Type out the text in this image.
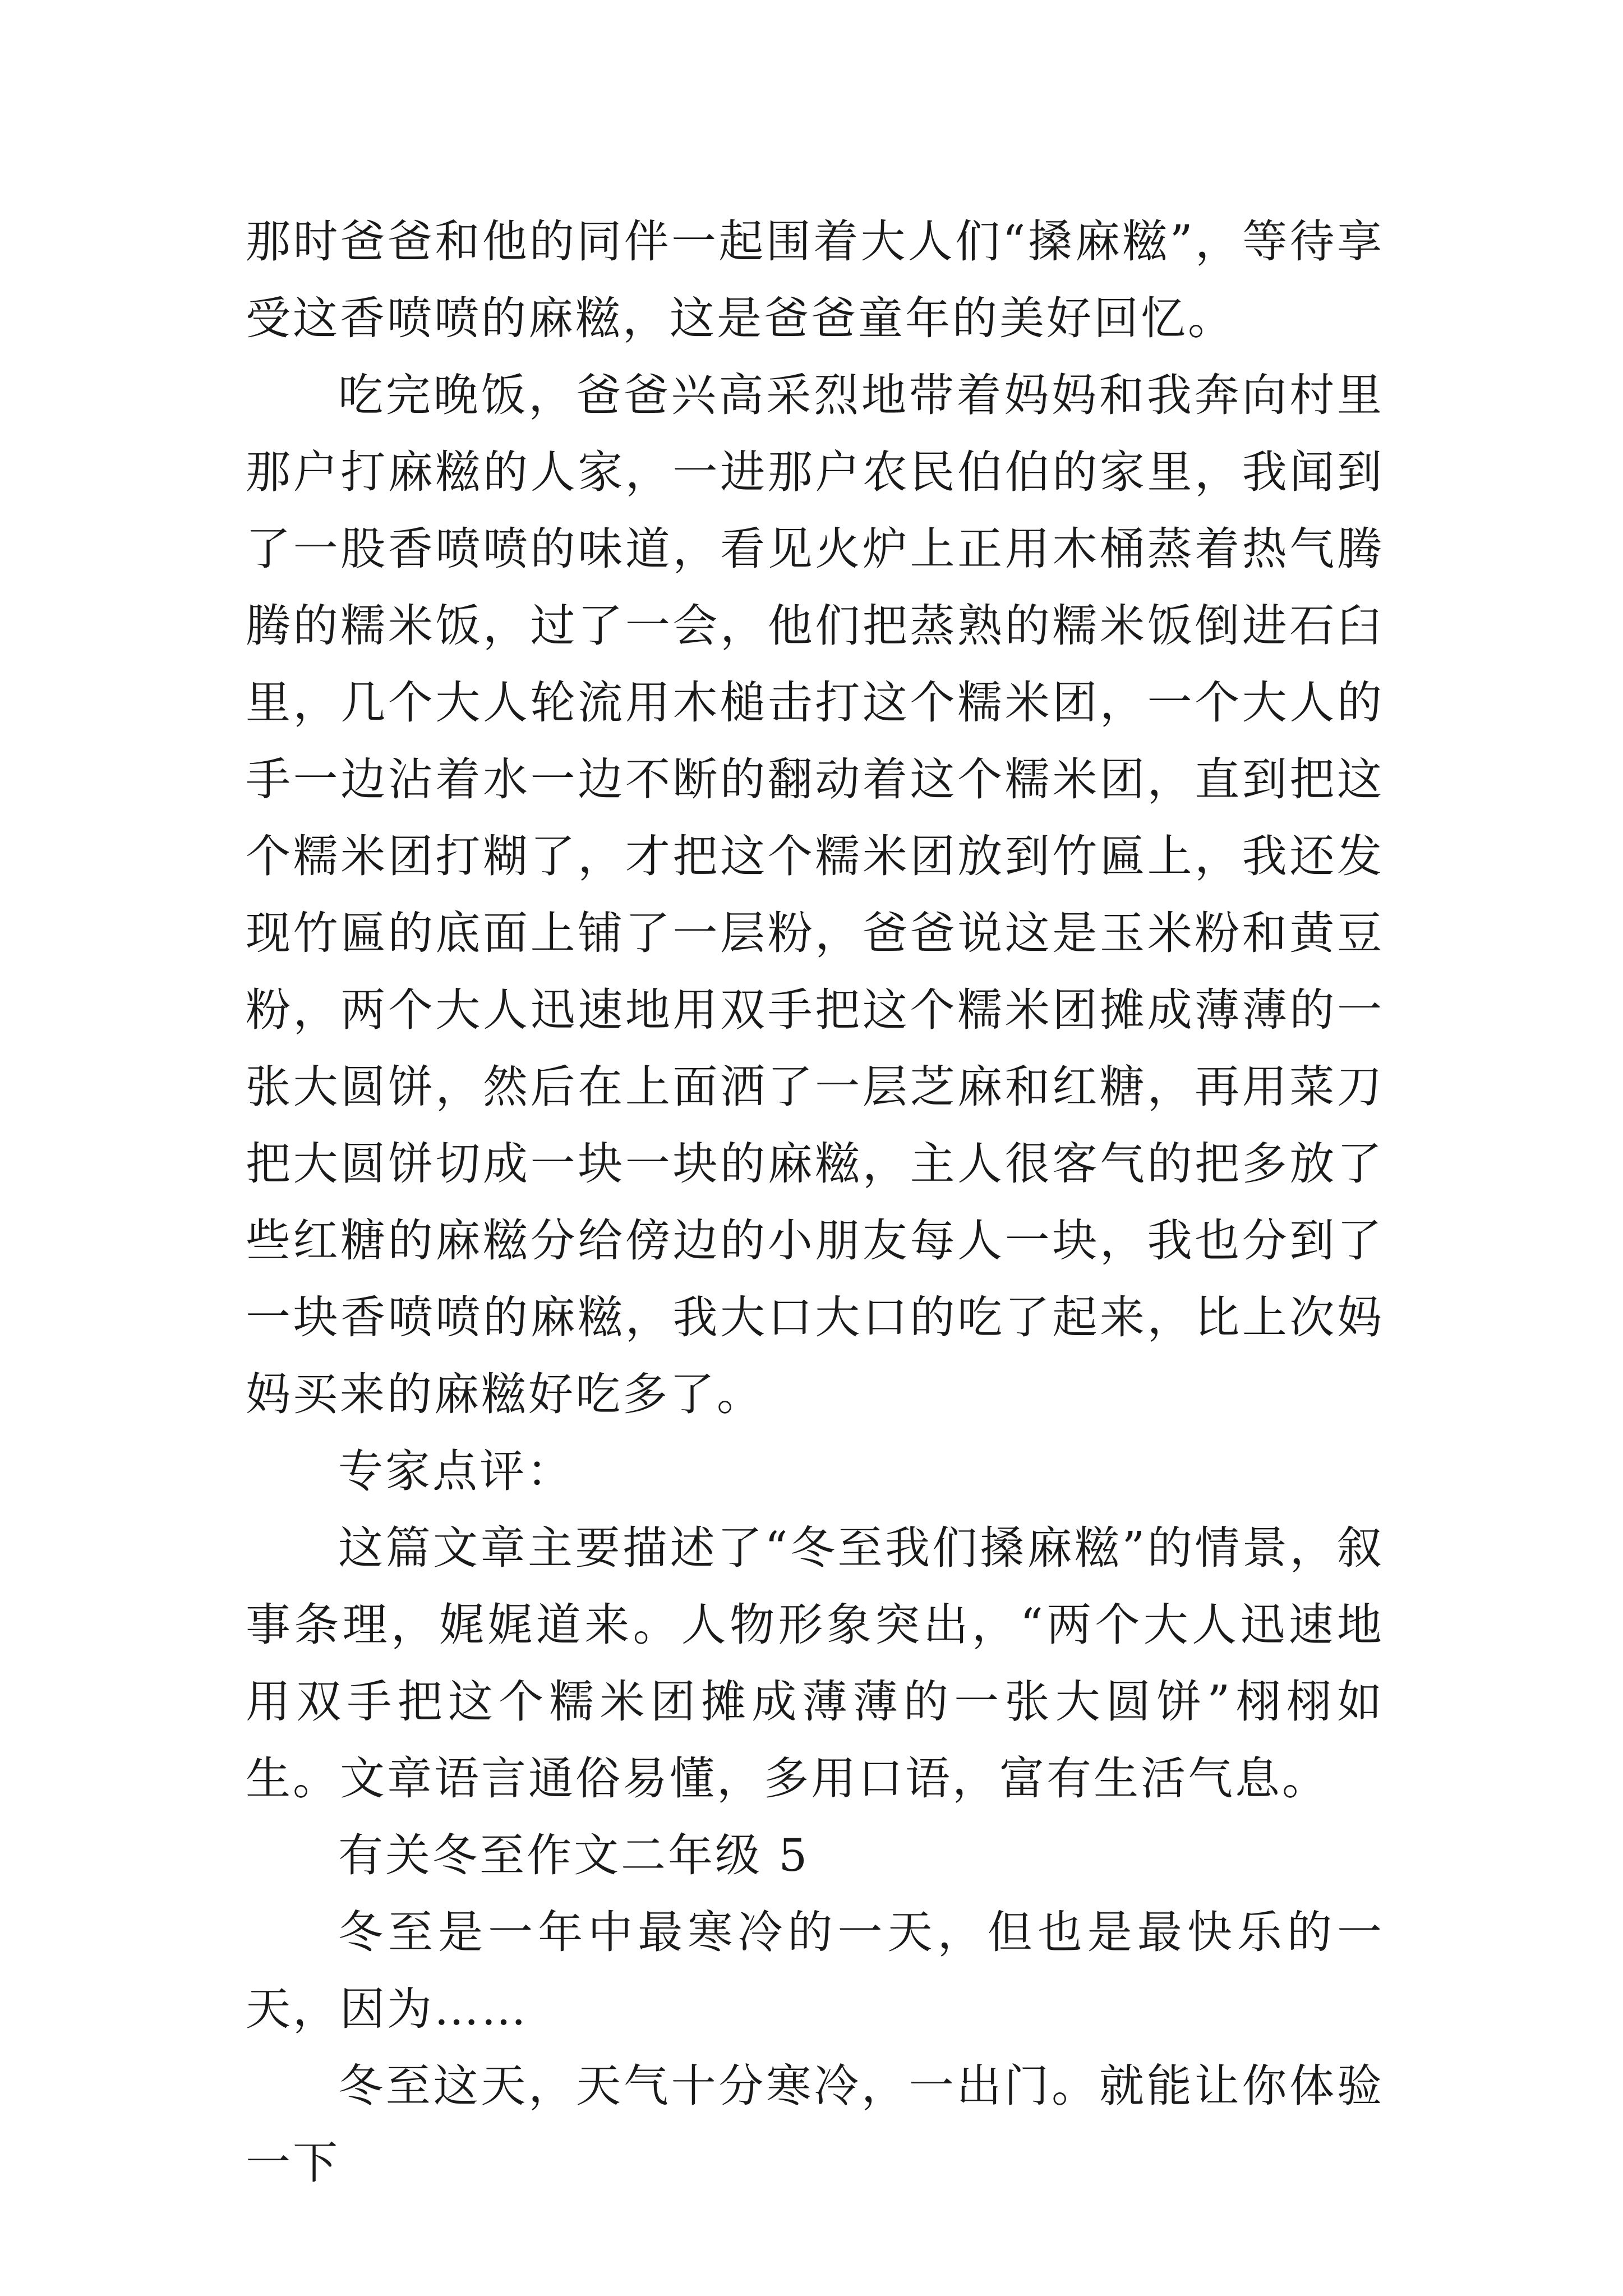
那时爸爸和他的同伴一起围着大人们“搡麻糍”，等待享受这香喷喷的麻糍，这是爸爸童年的美好回忆。

吃完晚饭，爸爸兴高采烈地带着妈妈和我奔向村里那户打麻糍的人家，一进那户农民伯伯的家里，我闻到了一股香喷喷的味道，看见火炉上正用木桶蒸着热气腾腾的糯米饭，过了一会，他们把蒸熟的糯米饭倒进石臼里，几个大人轮流用木槌击打这个糯米团，一个大人的手一边沾着水一边不断的翻动着这个糯米团，直到把这个糯米团打糊了，才把这个糯米团放到竹匾上，我还发现竹匾的底面上铺了一层粉，爸爸说这是玉米粉和黄豆粉，两个大人迅速地用双手把这个糯米团摊成薄薄的一张大圆饼，然后在上面洒了一层芝麻和红糖，再用菜刀把大圆饼切成一块一块的麻糍，主人很客气的把多放了些红糖的麻糍分给傍边的小朋友每人一块，我也分到了一块香喷喷的麻糍，我大口大口的吃了起来，比上次妈妈买来的麻糍好吃多了。

专家点评：

这篇文章主要描述了“冬至我们搡麻糍”的情景，叙事条理，娓娓道来。人物形象突出，“两个大人迅速地用双手把这个糯米团摊成薄薄的一张大圆饼”栩栩如生。文章语言通俗易懂，多用口语，富有生活气息。

有关冬至作文二年级 5

冬至是一年中最寒冷的一天，但也是最快乐的一天，因为……

冬至这天，天气十分寒冷，一出门。就能让你体验一下
